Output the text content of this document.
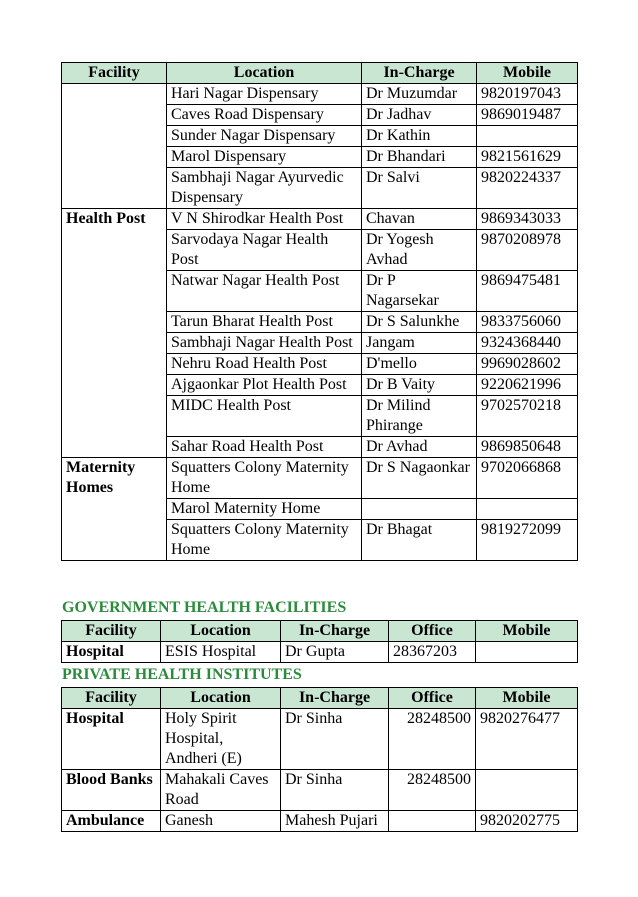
Facility	Location	In-Charge	Mobile
	Hari Nagar Dispensary	Dr Muzumdar	9820197043
	Caves Road Dispensary	Dr Jadhav	9869019487
	Sunder Nagar Dispensary	Dr Kathin	
	Marol Dispensary	Dr Bhandari	9821561629
	Sambhaji Nagar Ayurvedic Dispensary	Dr Salvi	9820224337
Health Post	V N Shirodkar Health Post	Chavan	9869343033
	Sarvodaya Nagar Health Post	Dr Yogesh Avhad	9870208978
	Natwar Nagar Health Post	Dr P Nagarsekar	9869475481
	Tarun Bharat Health Post	Dr S Salunkhe	9833756060
	Sambhaji Nagar Health Post	Jangam	9324368440
	Nehru Road Health Post	D'mello	9969028602
	Ajgaonkar Plot Health Post	Dr B Vaity	9220621996
	MIDC Health Post	Dr Milind Phirange	9702570218
	Sahar Road Health Post	Dr Avhad	9869850648
Maternity Homes	Squatters Colony Maternity Home	Dr S Nagaonkar	9702066868
	Marol Maternity Home		
	Squatters Colony Maternity Home	Dr Bhagat	9819272099
GOVERNMENT HEALTH FACILITIES
Facility	Location	In-Charge	Office	Mobile
Hospital	ESIS Hospital	Dr Gupta	28367203	
PRIVATE HEALTH INSTITUTES
Facility	Location	In-Charge	Office	Mobile
Hospital	Holy Spirit Hospital, Andheri (E)	Dr Sinha	28248500	9820276477
Blood Banks	Mahakali Caves Road	Dr Sinha	28248500	
Ambulance	Ganesh	Mahesh Pujari		9820202775
